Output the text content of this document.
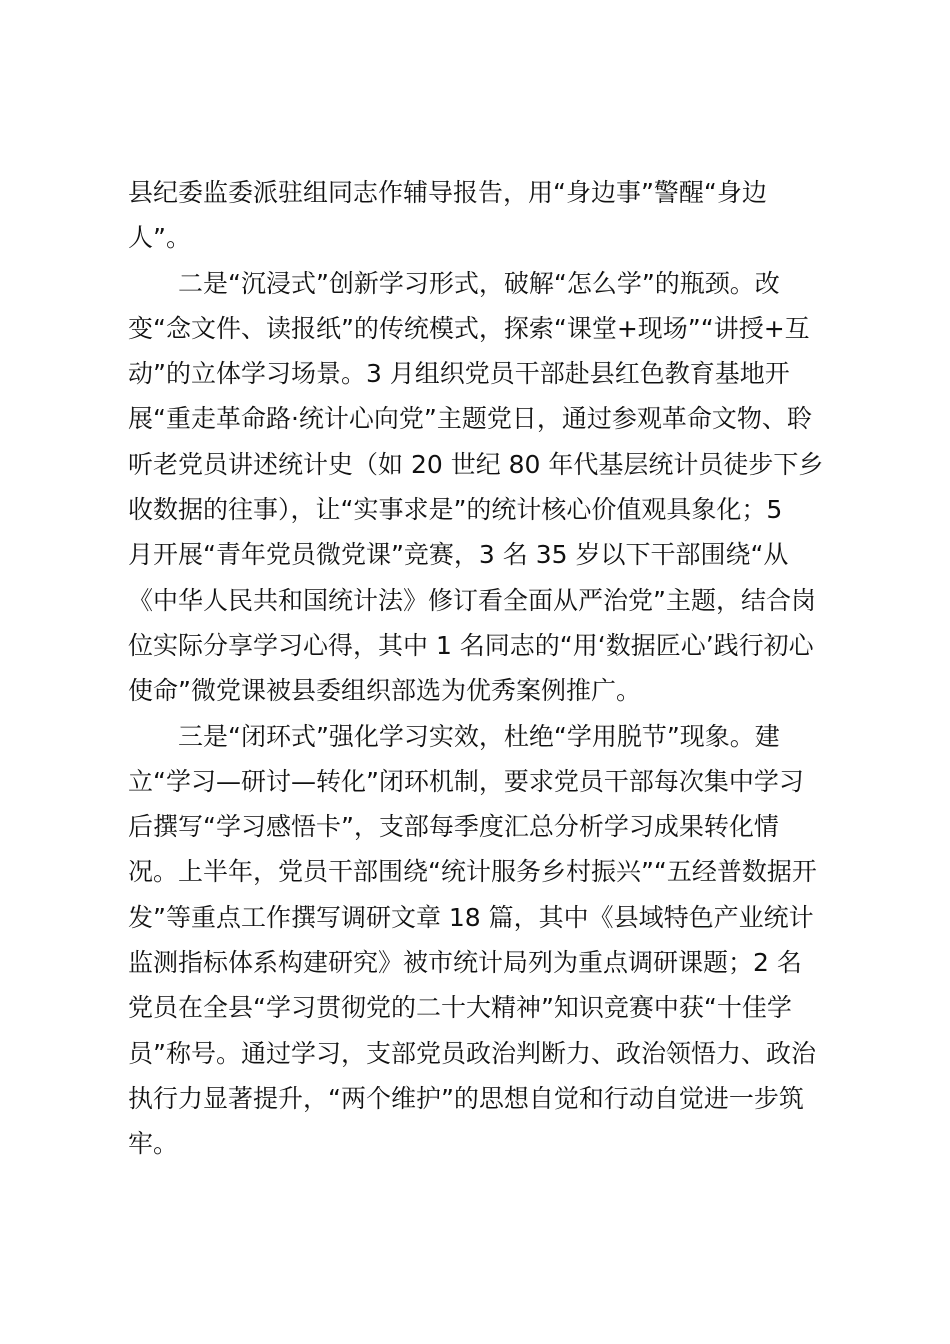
县纪委监委派驻组同志作辅导报告，用“身边事”警醒“身边
人”。
二是“沉浸式”创新学习形式，破解“怎么学”的瓶颈。改
变“念文件、读报纸”的传统模式，探索“课堂+现场”“讲授+互
动”的立体学习场景。3 月组织党员干部赴县红色教育基地开
展“重走革命路·统计心向党”主题党日，通过参观革命文物、聆
听老党员讲述统计史（如 20 世纪 80 年代基层统计员徒步下乡
收数据的往事），让“实事求是”的统计核心价值观具象化；5
月开展“青年党员微党课”竞赛，3 名 35 岁以下干部围绕“从
《中华人民共和国统计法》修订看全面从严治党”主题，结合岗
位实际分享学习心得，其中 1 名同志的“用‘数据匠心’践行初心
使命”微党课被县委组织部选为优秀案例推广。
三是“闭环式”强化学习实效，杜绝“学用脱节”现象。建
立“学习—研讨—转化”闭环机制，要求党员干部每次集中学习
后撰写“学习感悟卡”，支部每季度汇总分析学习成果转化情
况。上半年，党员干部围绕“统计服务乡村振兴”“五经普数据开
发”等重点工作撰写调研文章 18 篇，其中《县域特色产业统计
监测指标体系构建研究》被市统计局列为重点调研课题；2 名
党员在全县“学习贯彻党的二十大精神”知识竞赛中获“十佳学
员”称号。通过学习，支部党员政治判断力、政治领悟力、政治
执行力显著提升，“两个维护”的思想自觉和行动自觉进一步筑
牢。
